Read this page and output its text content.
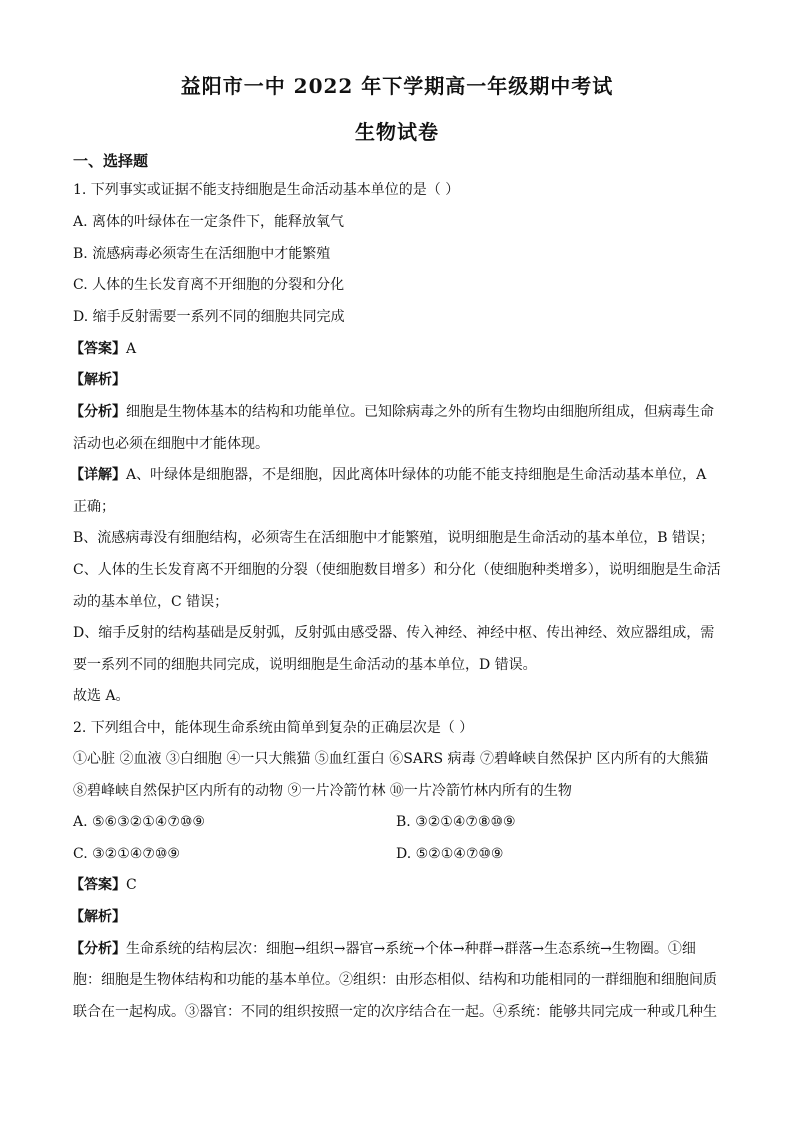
益阳市一中 2022 年下学期高一年级期中考试
生物试卷
一、选择题
1. 下列事实或证据不能支持细胞是生命活动基本单位的是（ ）
A. 离体的叶绿体在一定条件下，能释放氧气
B. 流感病毒必须寄生在活细胞中才能繁殖
C. 人体的生长发育离不开细胞的分裂和分化
D. 缩手反射需要一系列不同的细胞共同完成
【答案】A
【解析】
【分析】细胞是生物体基本的结构和功能单位。已知除病毒之外的所有生物均由细胞所组成，但病毒生命
活动也必须在细胞中才能体现。
【详解】A、叶绿体是细胞器，不是细胞，因此离体叶绿体的功能不能支持细胞是生命活动基本单位，A
正确；
B、流感病毒没有细胞结构，必须寄生在活细胞中才能繁殖，说明细胞是生命活动的基本单位，B 错误；
C、人体的生长发育离不开细胞的分裂（使细胞数目增多）和分化（使细胞种类增多），说明细胞是生命活
动的基本单位，C 错误；
D、缩手反射的结构基础是反射弧，反射弧由感受器、传入神经、神经中枢、传出神经、效应器组成，需
要一系列不同的细胞共同完成，说明细胞是生命活动的基本单位，D 错误。
故选 A。
2. 下列组合中，能体现生命系统由简单到复杂的正确层次是（ ）
①心脏 ②血液 ③白细胞 ④一只大熊猫 ⑤血红蛋白 ⑥SARS 病毒 ⑦碧峰峡自然保护 区内所有的大熊猫
⑧碧峰峡自然保护区内所有的动物 ⑨一片冷箭竹林 ⑩一片冷箭竹林内所有的生物
A. ⑤⑥③②①④⑦⑩⑨	B. ③②①④⑦⑧⑩⑨
C. ③②①④⑦⑩⑨	D. ⑤②①④⑦⑩⑨
【答案】C
【解析】
【分析】生命系统的结构层次：细胞→组织→器官→系统→个体→种群→群落→生态系统→生物圈。①细
胞：细胞是生物体结构和功能的基本单位。②组织：由形态相似、结构和功能相同的一群细胞和细胞间质
联合在一起构成。③器官：不同的组织按照一定的次序结合在一起。④系统：能够共同完成一种或几种生
